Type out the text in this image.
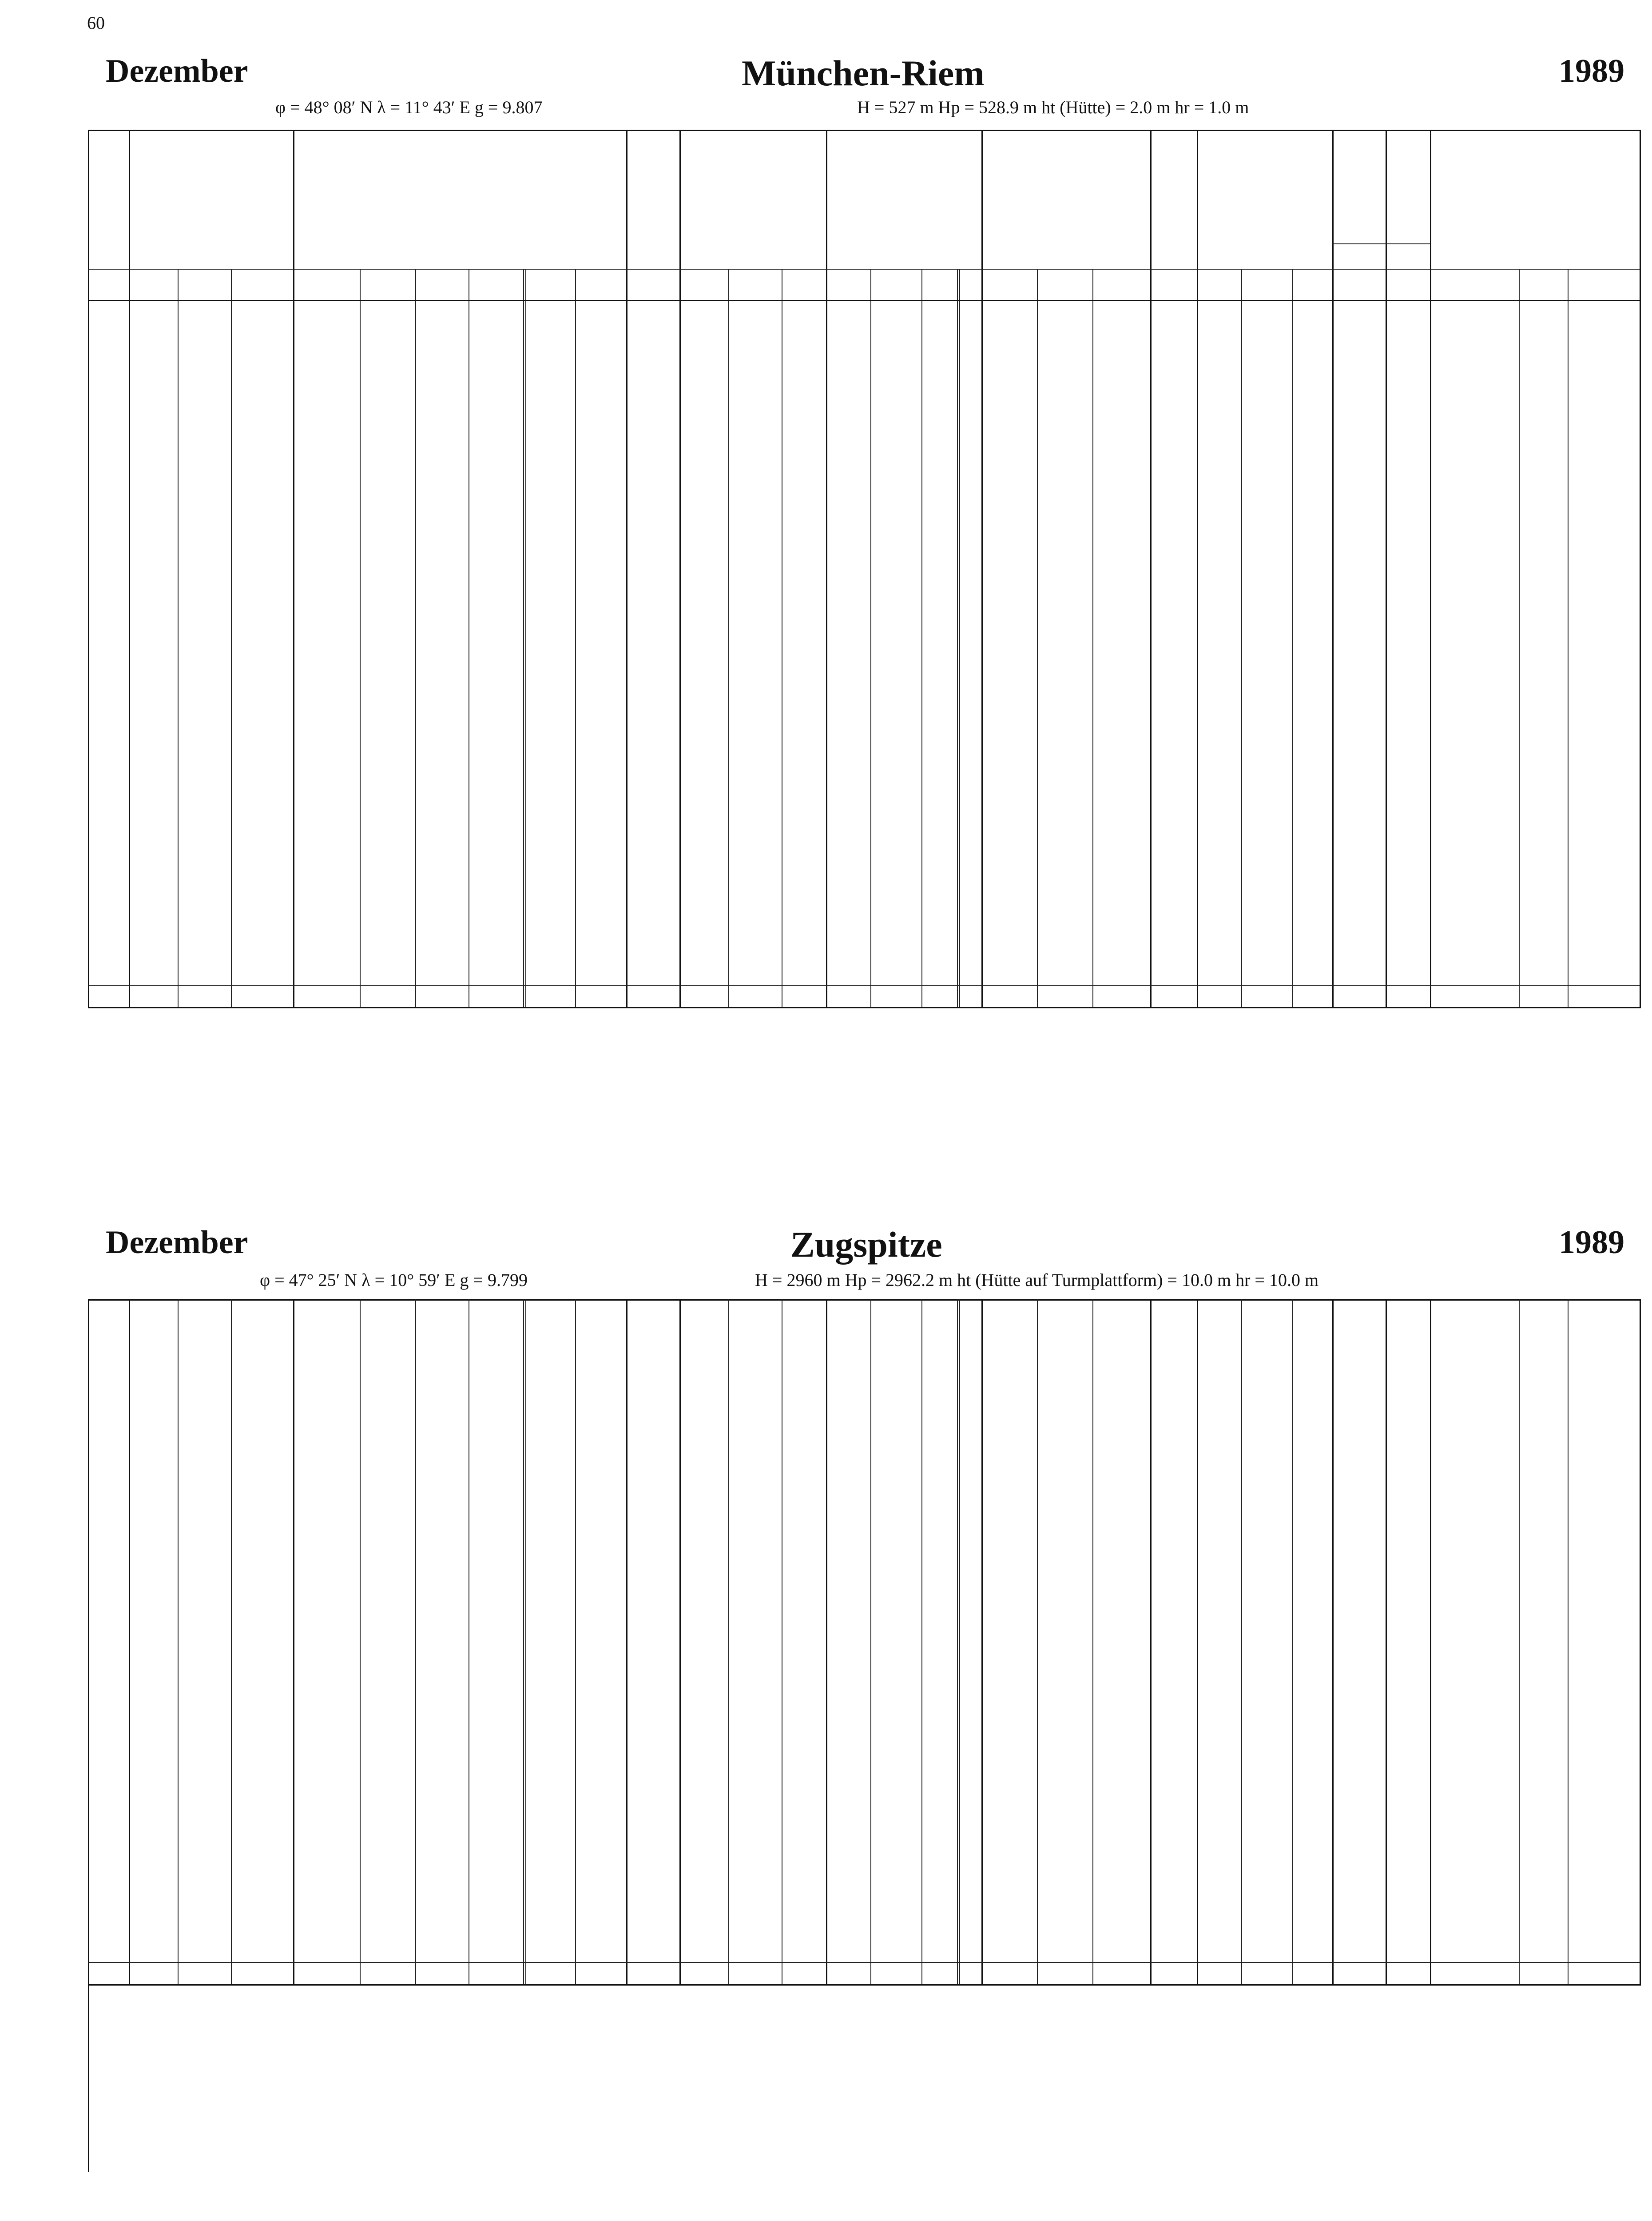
60
Dezember	München-Riem	1989
φ = 48° 08′ N λ = 11° 43′ E g = 9.807	H = 527 m Hp = 528.9 m ht (Hütte) = 2.0 m hr = 1.0 m
Dezember	Zugspitze	1989
φ = 47° 25′ N λ = 10° 59′ E g = 9.799	H = 2960 m Hp = 2962.2 m ht (Hütte auf Turmplattform) = 10.0 m hr = 10.0 m
